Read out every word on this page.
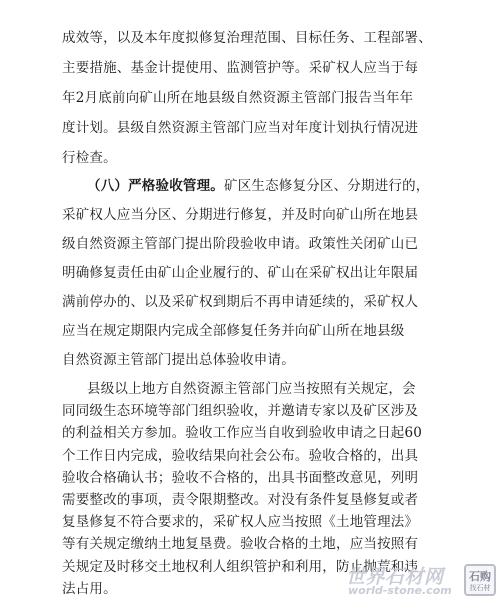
成效等，以及本年度拟修复治理范围、目标任务、工程部署、
主要措施、基金计提使用、监测管护等。采矿权人应当于每
年2月底前向矿山所在地县级自然资源主管部门报告当年年
度计划。县级自然资源主管部门应当对年度计划执行情况进
行检查。
（八）严格验收管理。矿区生态修复分区、分期进行的，
采矿权人应当分区、分期进行修复，并及时向矿山所在地县
级自然资源主管部门提出阶段验收申请。政策性关闭矿山已
明确修复责任由矿山企业履行的、矿山在采矿权出让年限届
满前停办的、以及采矿权到期后不再申请延续的，采矿权人
应当在规定期限内完成全部修复任务并向矿山所在地县级
自然资源主管部门提出总体验收申请。
县级以上地方自然资源主管部门应当按照有关规定，会
同同级生态环境等部门组织验收，并邀请专家以及矿区涉及
的利益相关方参加。验收工作应当自收到验收申请之日起60
个工作日内完成，验收结果向社会公布。验收合格的，出具
验收合格确认书；验收不合格的，出具书面整改意见，列明
需要整改的事项，责令限期整改。对没有条件复垦修复或者
复垦修复不符合要求的，采矿权人应当按照《土地管理法》
等有关规定缴纳土地复垦费。验收合格的土地，应当按照有
关规定及时移交土地权利人组织管护和利用，防止抛荒和违
法占用。
世界石材网
world-stone.com
石购
找石材
